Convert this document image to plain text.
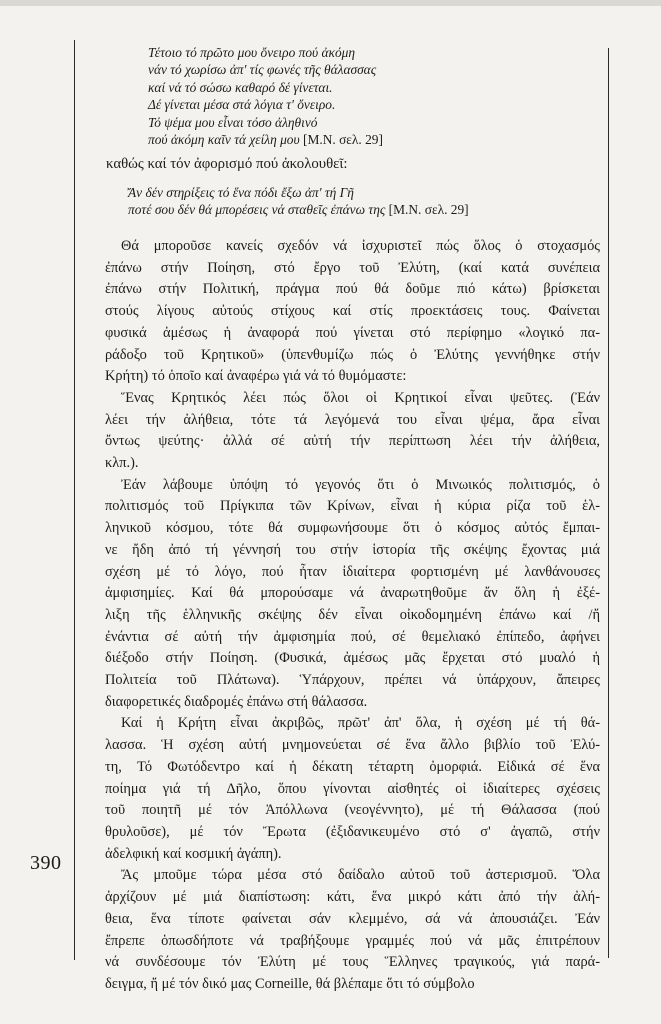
390
Τέτοιο τό πρῶτο μου ὄνειρο πού ἀκόμη
νάν τό χωρίσω ἀπ' τίς φωνές τῆς θάλασσας
καί νά τό σώσω καθαρό δέ γίνεται.
Δέ γίνεται μέσα στά λόγια τ' ὄνειρο.
Τό ψέμα μου εἶναι τόσο ἀληθινό
πού ἀκόμη καῖν τά χείλη μου [Μ.Ν. σελ. 29]
καθώς καί τόν ἀφορισμό πού ἀκολουθεῖ:
Ἄν δέν στηρίξεις τό ἕνα πόδι ἔξω ἀπ' τή Γῆ
ποτέ σου δέν θά μπορέσεις νά σταθεῖς ἐπάνω της [Μ.Ν. σελ. 29]
Θά μποροῦσε κανείς σχεδόν νά ἰσχυριστεῖ πώς ὅλος ὁ στοχασμός
ἐπάνω στήν Ποίηση, στό ἔργο τοῦ Ἐλύτη, (καί κατά συνέπεια
ἐπάνω στήν Πολιτική, πράγμα πού θά δοῦμε πιό κάτω) βρίσκεται
στούς λίγους αὐτούς στίχους καί στίς προεκτάσεις τους. Φαίνεται
φυσικά ἀμέσως ἡ ἀναφορά πού γίνεται στό περίφημο «λογικό πα-
ράδοξο τοῦ Κρητικοῦ» (ὑπενθυμίζω πώς ὁ Ἐλύτης γεννήθηκε στήν
Κρήτη) τό ὁποῖο καί ἀναφέρω γιά νά τό θυμόμαστε:
Ἕνας Κρητικός λέει πώς ὅλοι οἱ Κρητικοί εἶναι ψεῦτες. (Ἐάν
λέει τήν ἀλήθεια, τότε τά λεγόμενά του εἶναι ψέμα, ἄρα εἶναι
ὄντως ψεύτης· ἀλλά σέ αὐτή τήν περίπτωση λέει τήν ἀλήθεια,
κλπ.).
Ἐάν λάβουμε ὑπόψη τό γεγονός ὅτι ὁ Μινωικός πολιτισμός, ὁ
πολιτισμός τοῦ Πρίγκιπα τῶν Κρίνων, εἶναι ἡ κύρια ρίζα τοῦ ἑλ-
ληνικοῦ κόσμου, τότε θά συμφωνήσουμε ὅτι ὁ κόσμος αὐτός ἔμπαι-
νε ἤδη ἀπό τή γέννησή του στήν ἱστορία τῆς σκέψης ἔχοντας μιά
σχέση μέ τό λόγο, πού ἦταν ἰδιαίτερα φορτισμένη μέ λανθάνουσες
ἀμφισημίες. Καί θά μπορούσαμε νά ἀναρωτηθοῦμε ἄν ὅλη ἡ ἐξέ-
λιξη τῆς ἑλληνικῆς σκέψης δέν εἶναι οἰκοδομημένη ἐπάνω καί /ἤ
ἐνάντια σέ αὐτή τήν ἀμφισημία πού, σέ θεμελιακό ἐπίπεδο, ἀφήνει
διέξοδο στήν Ποίηση. (Φυσικά, ἀμέσως μᾶς ἔρχεται στό μυαλό ἡ
Πολιτεία τοῦ Πλάτωνα). Ὑπάρχουν, πρέπει νά ὑπάρχουν, ἄπειρες
διαφορετικές διαδρομές ἐπάνω στή θάλασσα.
Καί ἡ Κρήτη εἶναι ἀκριβῶς, πρῶτ' ἀπ' ὅλα, ἡ σχέση μέ τή θά-
λασσα. Ἡ σχέση αὐτή μνημονεύεται σέ ἕνα ἄλλο βιβλίο τοῦ Ἐλύ-
τη, Τό Φωτόδεντρο καί ἡ δέκατη τέταρτη ὀμορφιά. Εἰδικά σέ ἕνα
ποίημα γιά τή Δῆλο, ὅπου γίνονται αἰσθητές οἱ ἰδιαίτερες σχέσεις
τοῦ ποιητῆ μέ τόν Ἀπόλλωνα (νεογέννητο), μέ τή Θάλασσα (πού
θρυλοῦσε), μέ τόν Ἔρωτα (ἐξιδανικευμένο στό σ' ἀγαπῶ, στήν
ἀδελφική καί κοσμική ἀγάπη).
Ἄς μποῦμε τώρα μέσα στό δαίδαλο αὐτοῦ τοῦ ἀστερισμοῦ. Ὅλα
ἀρχίζουν μέ μιά διαπίστωση: κάτι, ἕνα μικρό κάτι ἀπό τήν ἀλή-
θεια, ἕνα τίποτε φαίνεται σάν κλεμμένο, σά νά ἀπουσιάζει. Ἐάν
ἔπρεπε ὁπωσδήποτε νά τραβήξουμε γραμμές πού νά μᾶς ἐπιτρέπουν
νά συνδέσουμε τόν Ἐλύτη μέ τους Ἕλληνες τραγικούς, γιά παρά-
δειγμα, ἤ μέ τόν δικό μας Corneille, θά βλέπαμε ὅτι τό σύμβολο
